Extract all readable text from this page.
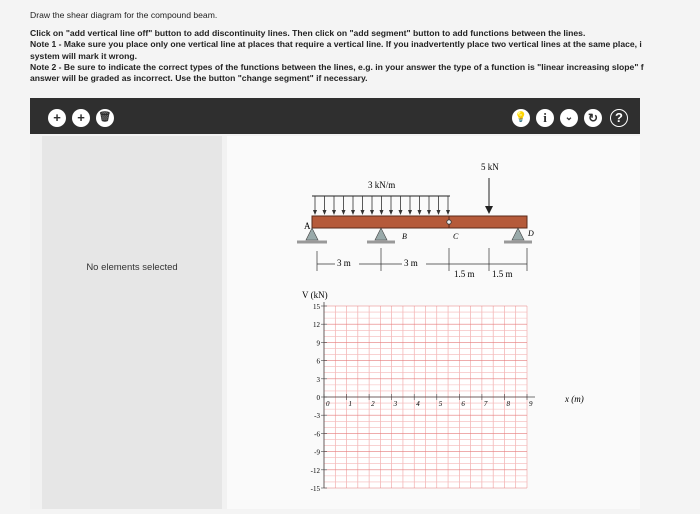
Draw the shear diagram for the compound beam.
Click on "add vertical line off" button to add discontinuity lines. Then click on "add segment" button to add functions between the lines.
Note 1 - Make sure you place only one vertical line at places that require a vertical line. If you inadvertently place two vertical lines at the same place, i
system will mark it wrong.
Note 2 - Be sure to indicate the correct types of the functions between the lines, e.g. in your answer the type of a function is "linear increasing slope" f
answer will be graded as incorrect. Use the button "change segment" if necessary.
+	+	🗑	💡	i	⌄	↻	?
No elements selected
3 kN/m
5 kN
A
B	C	D
3 m	3 m
1.5 m 1.5 m
V (kN)
x (m)
15
12
9
6
3
0
-3
-6
-9
-12
-15
0	1	2	3	4	5	6	7	8	9
